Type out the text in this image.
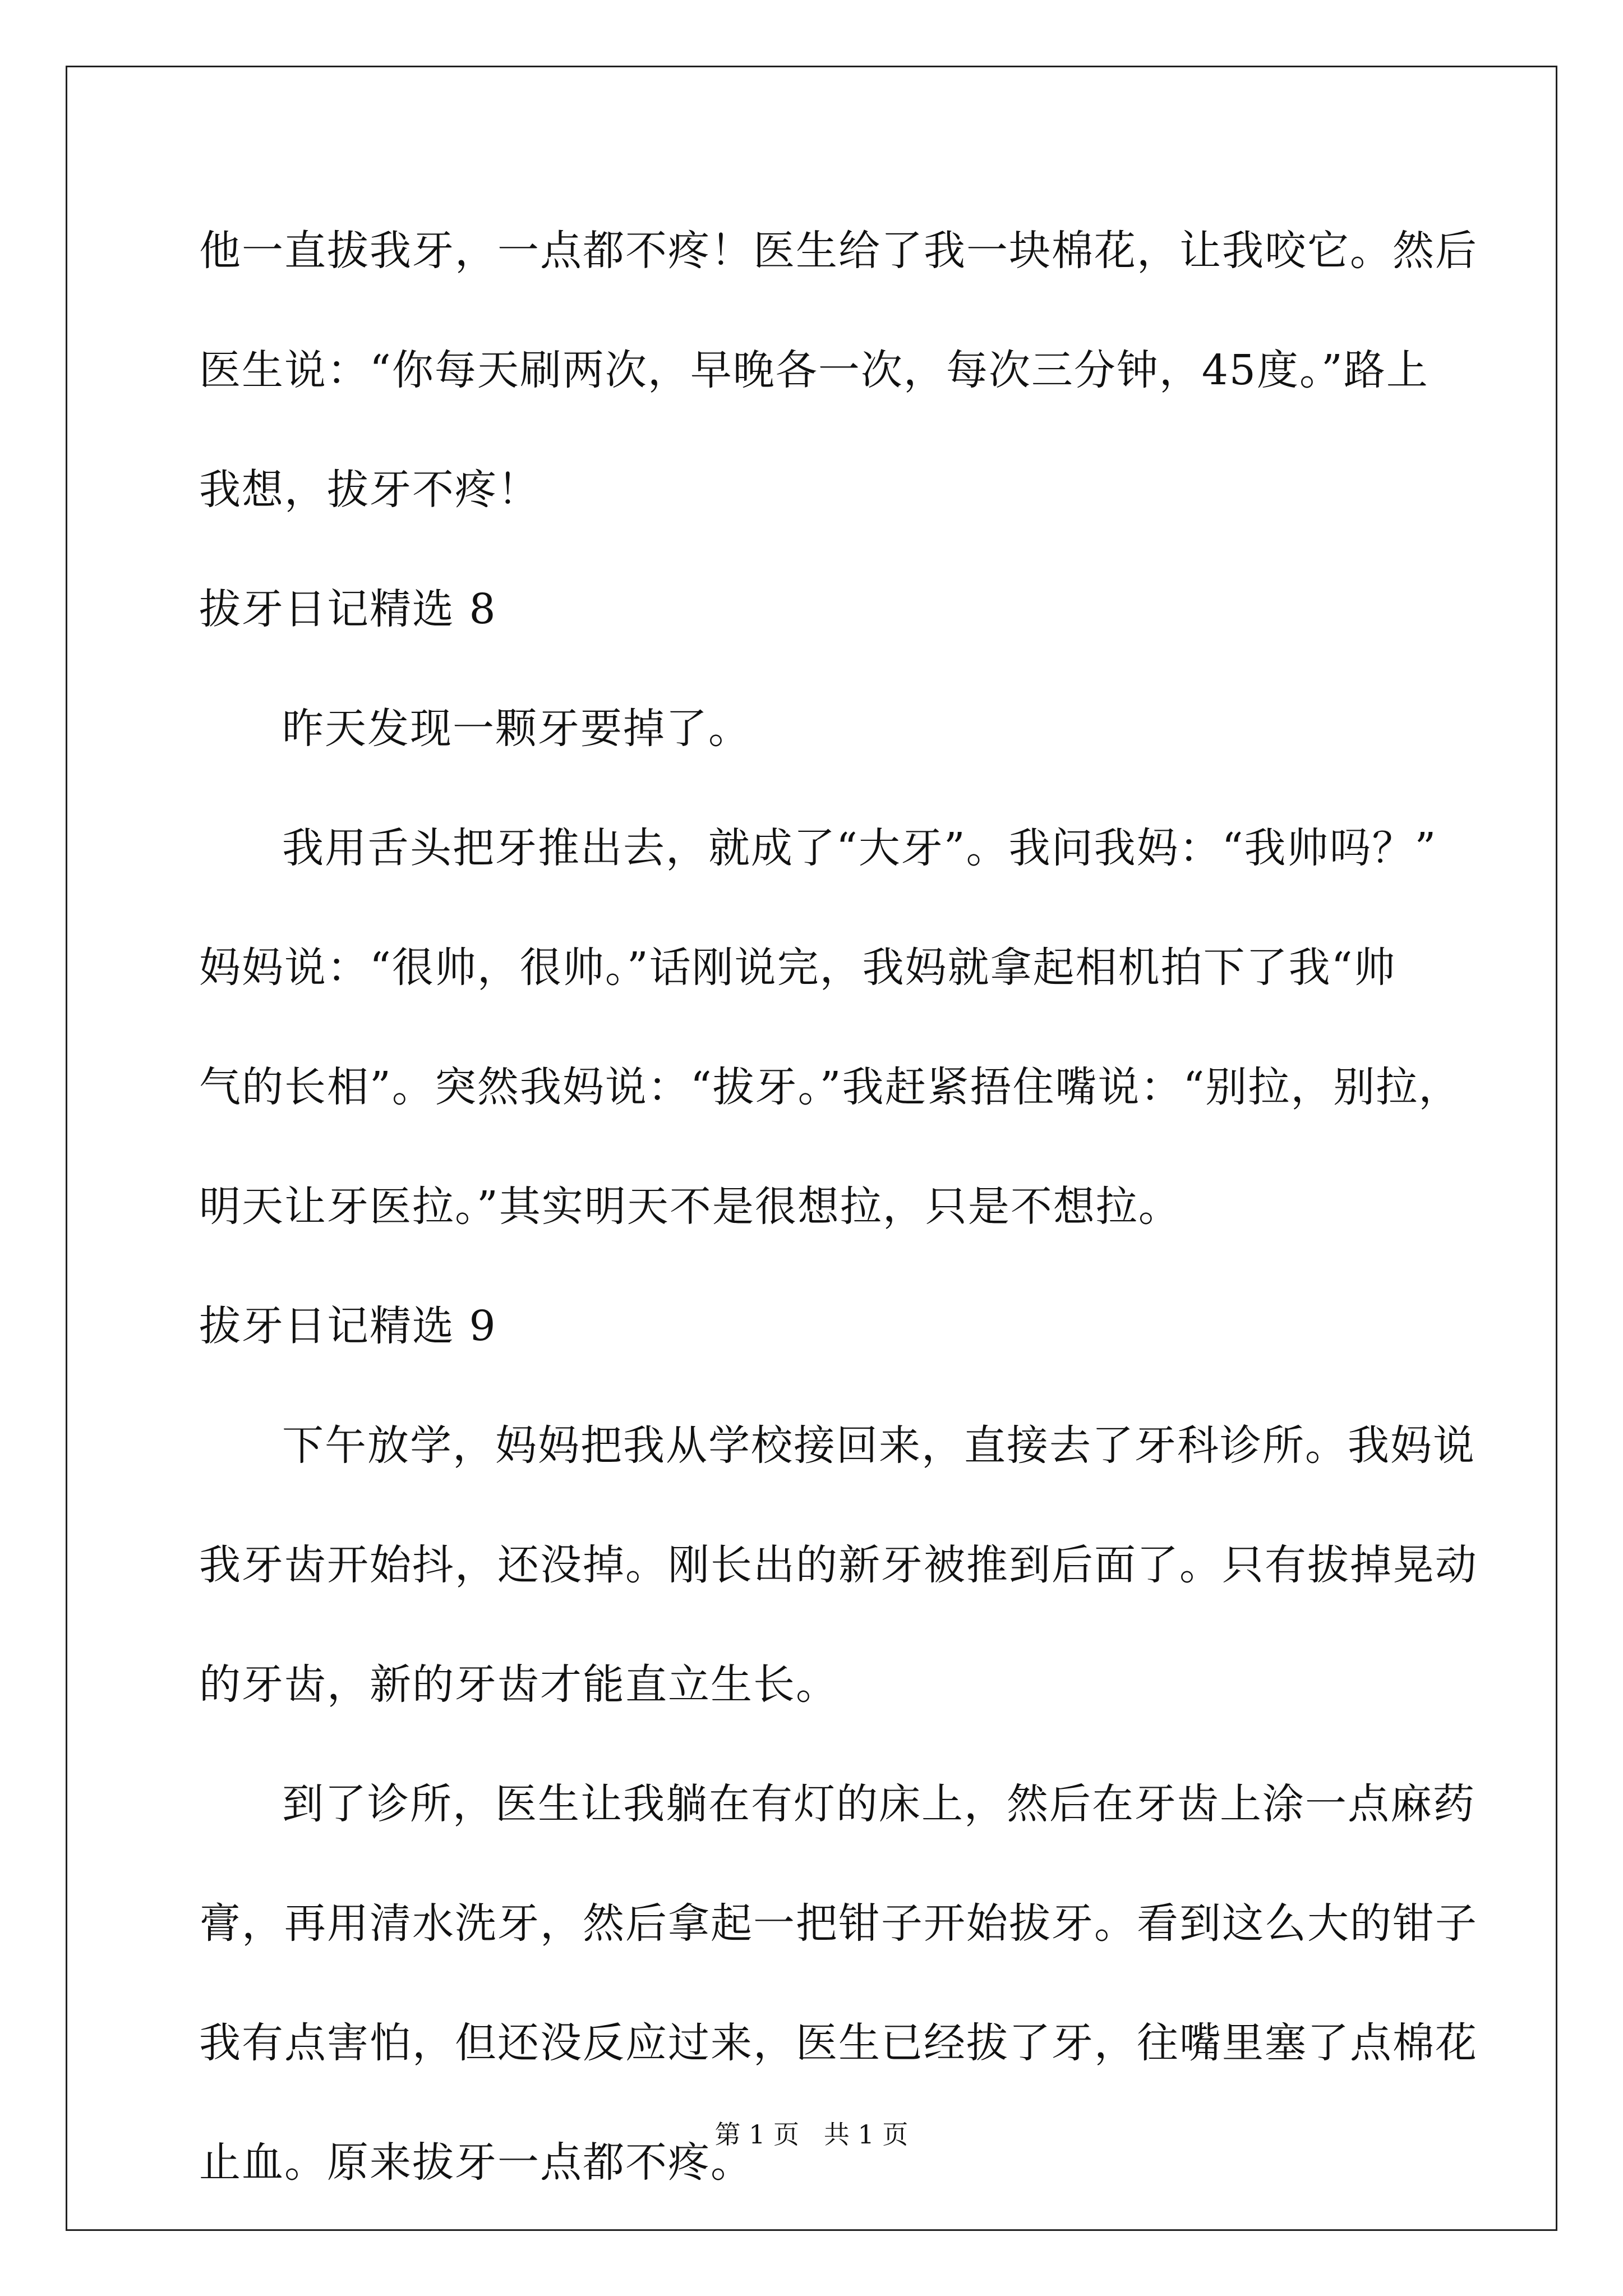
他一直拔我牙，一点都不疼！医生给了我一块棉花，让我咬它。然后
医生说：“你每天刷两次，早晚各一次，每次三分钟，45度。”路上
我想，拔牙不疼！
拔牙日记精选 8
昨天发现一颗牙要掉了。
我用舌头把牙推出去，就成了“大牙”。我问我妈：“我帅吗？”
妈妈说：“很帅，很帅。”话刚说完，我妈就拿起相机拍下了我“帅
气的长相”。突然我妈说：“拔牙。”我赶紧捂住嘴说：“别拉，别拉，
明天让牙医拉。”其实明天不是很想拉，只是不想拉。
拔牙日记精选 9
下午放学，妈妈把我从学校接回来，直接去了牙科诊所。我妈说
我牙齿开始抖，还没掉。刚长出的新牙被推到后面了。只有拔掉晃动
的牙齿，新的牙齿才能直立生长。
到了诊所，医生让我躺在有灯的床上，然后在牙齿上涂一点麻药
膏，再用清水洗牙，然后拿起一把钳子开始拔牙。看到这么大的钳子
我有点害怕，但还没反应过来，医生已经拔了牙，往嘴里塞了点棉花
止血。原来拔牙一点都不疼。
第 1 页   共 1 页
